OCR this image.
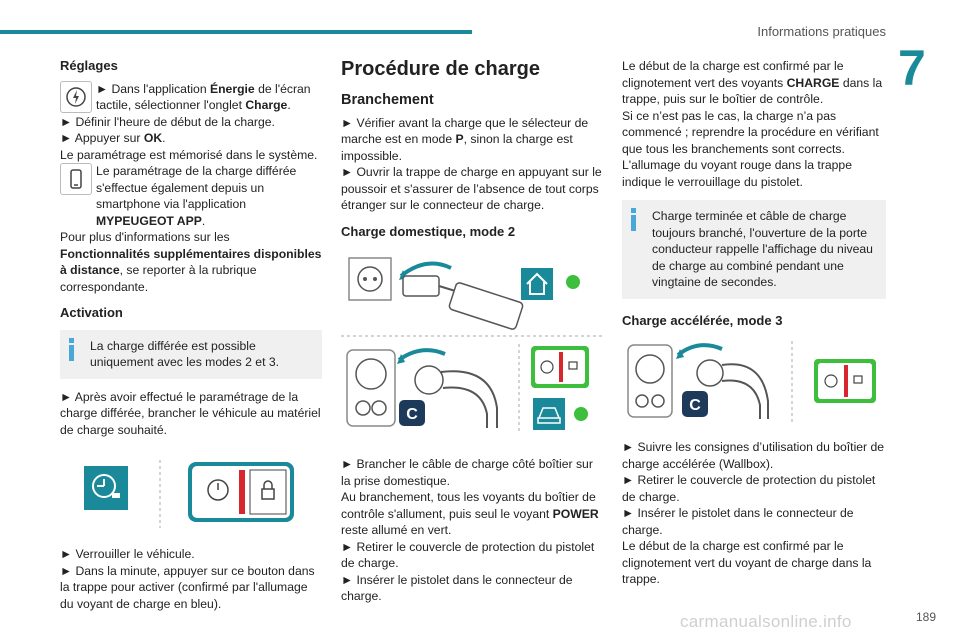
Informations pratiques
7
Réglages

► Dans l'application Énergie de l'écran tactile, sélectionner l'onglet Charge.

► Définir l'heure de début de la charge.

► Appuyer sur OK.

Le paramétrage est mémorisé dans le système.

Le paramétrage de la charge différée s'effectue également depuis un smartphone via l'application MYPEUGEOT APP.

Pour plus d'informations sur les Fonctionnalités supplémentaires disponibles à distance, se reporter à la rubrique correspondante.

Activation

La charge différée est possible uniquement avec les modes 2 et 3.

► Après avoir effectué le paramétrage de la charge différée, brancher le véhicule au matériel de charge souhaité.

► Verrouiller le véhicule.

► Dans la minute, appuyer sur ce bouton dans la trappe pour activer (confirmé par l'allumage du voyant de charge en bleu).

Procédure de charge
Branchement

► Vérifier avant la charge que le sélecteur de marche est en mode P, sinon la charge est impossible.

► Ouvrir la trappe de charge en appuyant sur le poussoir et s'assurer de l’absence de tout corps étranger sur le connecteur de charge.

Charge domestique, mode 2
C

► Brancher le câble de charge côté boîtier sur la prise domestique.

Au branchement, tous les voyants du boîtier de contrôle s'allument, puis seul le voyant POWER reste allumé en vert.

► Retirer le couvercle de protection du pistolet de charge.

► Insérer le pistolet dans le connecteur de charge.

Le début de la charge est confirmé par le clignotement vert des voyants CHARGE dans la trappe, puis sur le boîtier de contrôle.

Si ce n’est pas le cas, la charge n’a pas commencé ; reprendre la procédure en vérifiant que tous les branchements sont corrects.

L'allumage du voyant rouge dans la trappe indique le verrouillage du pistolet.

Charge terminée et câble de charge toujours branché, l'ouverture de la porte conducteur rappelle l'affichage du niveau de charge au combiné pendant une vingtaine de secondes.

Charge accélérée, mode 3
C

► Suivre les consignes d’utilisation du boîtier de charge accélérée (Wallbox).

► Retirer le couvercle de protection du pistolet de charge.

► Insérer le pistolet dans le connecteur de charge.

Le début de la charge est confirmé par le clignotement vert du voyant de charge dans la trappe.

carmanualsonline.info	189
